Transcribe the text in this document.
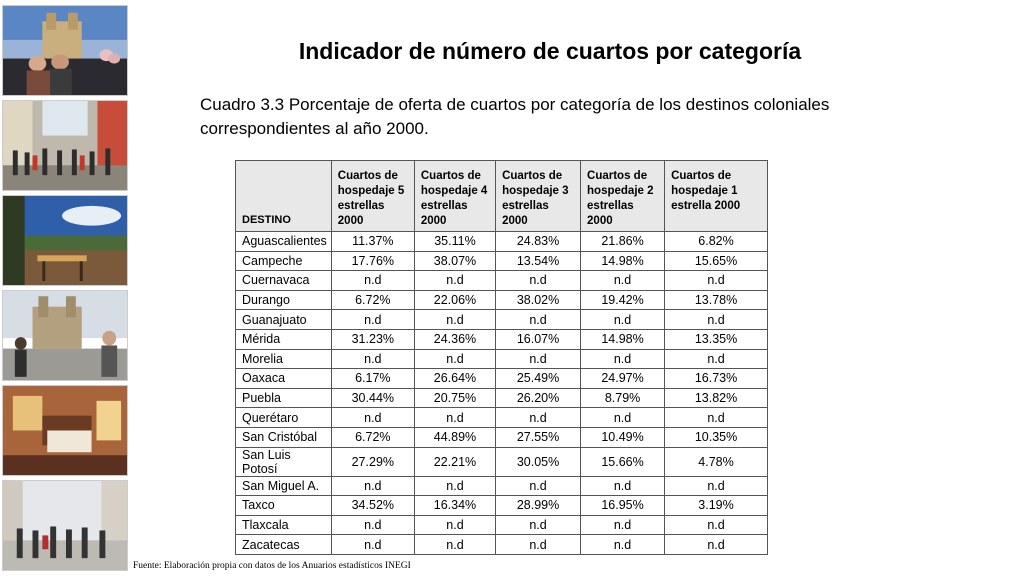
Indicador de número de cuartos por categoría

Cuadro 3.3 Porcentaje de oferta de cuartos por categoría de los destinos coloniales correspondientes al año 2000.

DESTINO	Cuartos de hospedaje 5 estrellas 2000	Cuartos de hospedaje 4 estrellas 2000	Cuartos de hospedaje 3 estrellas 2000	Cuartos de hospedaje 2 estrellas 2000	Cuartos de hospedaje 1 estrella 2000
Aguascalientes	11.37%	35.11%	24.83%	21.86%	6.82%
Campeche	17.76%	38.07%	13.54%	14.98%	15.65%
Cuernavaca	n.d	n.d	n.d	n.d	n.d
Durango	6.72%	22.06%	38.02%	19.42%	13.78%
Guanajuato	n.d	n.d	n.d	n.d	n.d
Mérida	31.23%	24.36%	16.07%	14.98%	13.35%
Morelia	n.d	n.d	n.d	n.d	n.d
Oaxaca	6.17%	26.64%	25.49%	24.97%	16.73%
Puebla	30.44%	20.75%	26.20%	8.79%	13.82%
Querétaro	n.d	n.d	n.d	n.d	n.d
San Cristóbal	6.72%	44.89%	27.55%	10.49%	10.35%
San Luis Potosí	27.29%	22.21%	30.05%	15.66%	4.78%
San Miguel A.	n.d	n.d	n.d	n.d	n.d
Taxco	34.52%	16.34%	28.99%	16.95%	3.19%
Tlaxcala	n.d	n.d	n.d	n.d	n.d
Zacatecas	n.d	n.d	n.d	n.d	n.d

Fuente: Elaboración propia con datos de los Anuarios estadísticos INEGI
